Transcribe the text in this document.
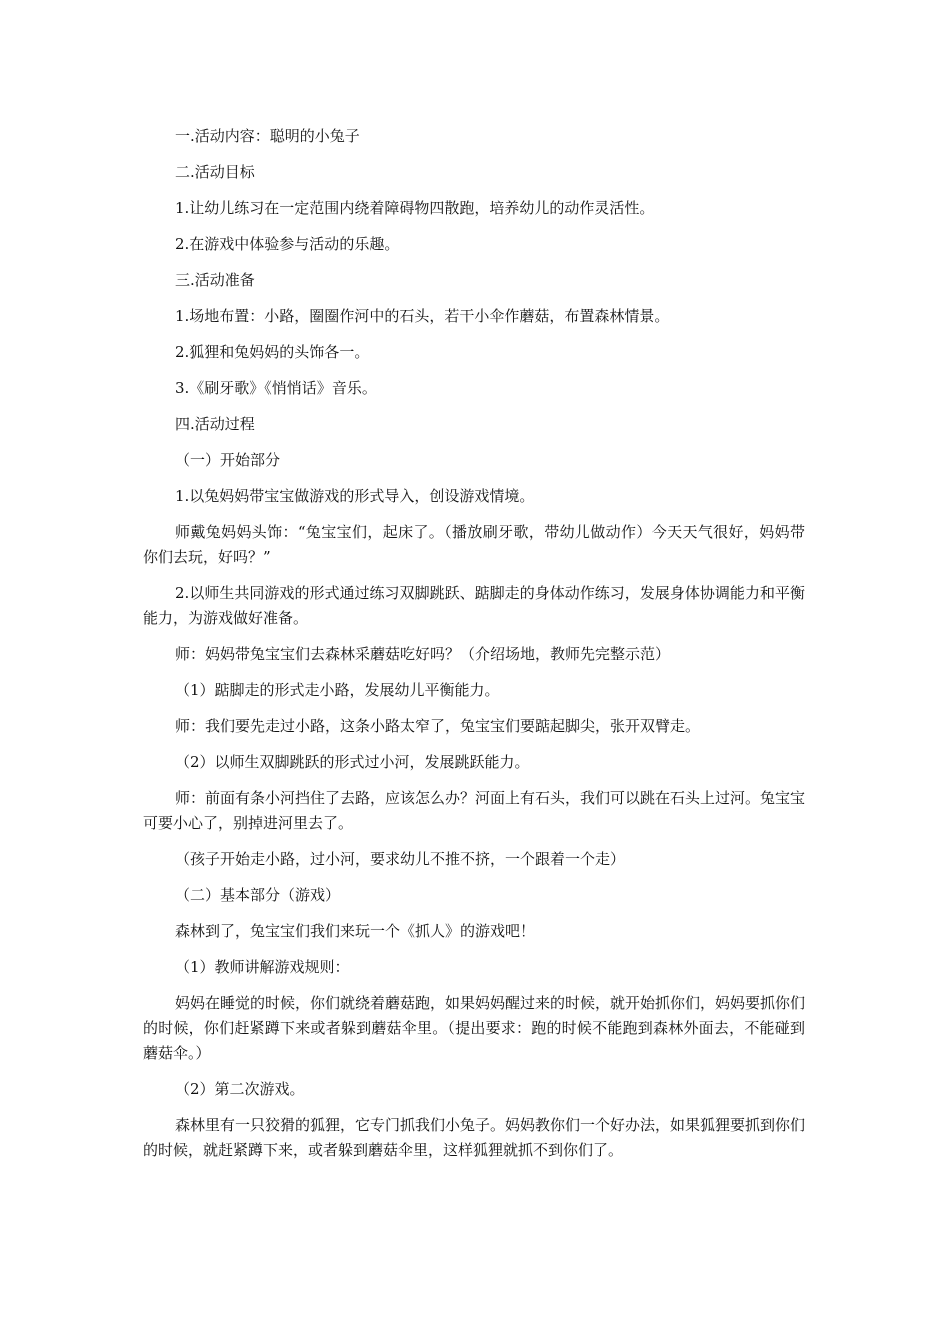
一.活动内容：聪明的小兔子

二.活动目标

1.让幼儿练习在一定范围内绕着障碍物四散跑，培养幼儿的动作灵活性。

2.在游戏中体验参与活动的乐趣。

三.活动准备

1.场地布置：小路，圈圈作河中的石头，若干小伞作蘑菇，布置森林情景。

2.狐狸和兔妈妈的头饰各一。

3.《刷牙歌》《悄悄话》音乐。

四.活动过程

（一）开始部分

1.以兔妈妈带宝宝做游戏的形式导入，创设游戏情境。

师戴兔妈妈头饰：“兔宝宝们，起床了。（播放刷牙歌，带幼儿做动作）今天天气很好，妈妈带你们去玩，好吗？”

2.以师生共同游戏的形式通过练习双脚跳跃、踮脚走的身体动作练习，发展身体协调能力和平衡能力，为游戏做好准备。

师：妈妈带兔宝宝们去森林采蘑菇吃好吗？（介绍场地，教师先完整示范）

（1）踮脚走的形式走小路，发展幼儿平衡能力。

师：我们要先走过小路，这条小路太窄了，兔宝宝们要踮起脚尖，张开双臂走。

（2）以师生双脚跳跃的形式过小河，发展跳跃能力。

师：前面有条小河挡住了去路，应该怎么办？河面上有石头，我们可以跳在石头上过河。兔宝宝可要小心了，别掉进河里去了。

（孩子开始走小路，过小河，要求幼儿不推不挤，一个跟着一个走）

（二）基本部分（游戏）

森林到了，兔宝宝们我们来玩一个《抓人》的游戏吧！

（1）教师讲解游戏规则：

妈妈在睡觉的时候，你们就绕着蘑菇跑，如果妈妈醒过来的时候，就开始抓你们，妈妈要抓你们的时候，你们赶紧蹲下来或者躲到蘑菇伞里。（提出要求：跑的时候不能跑到森林外面去，不能碰到蘑菇伞。）

（2）第二次游戏。

森林里有一只狡猾的狐狸，它专门抓我们小兔子。妈妈教你们一个好办法，如果狐狸要抓到你们的时候，就赶紧蹲下来，或者躲到蘑菇伞里，这样狐狸就抓不到你们了。
